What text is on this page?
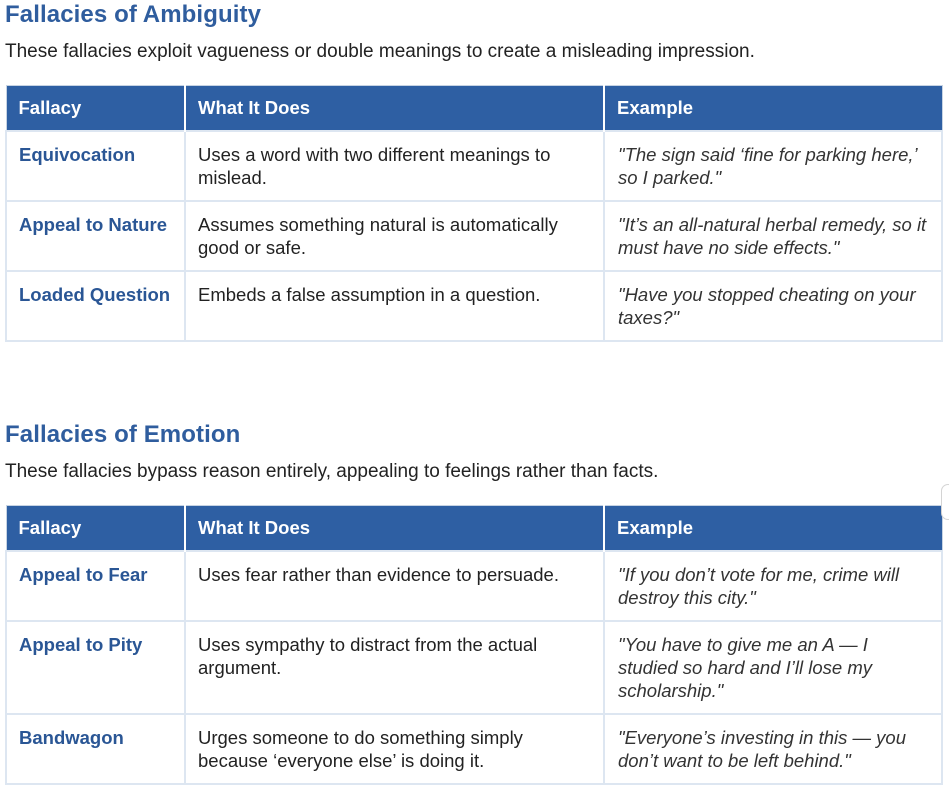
Fallacies of Ambiguity

These fallacies exploit vagueness or double meanings to create a misleading impression.

Fallacy	What It Does	Example
Equivocation	Uses a word with two different meanings to mislead.	"The sign said ‘fine for parking here,’ so I parked."
Appeal to Nature	Assumes something natural is automatically good or safe.	"It’s an all-natural herbal remedy, so it must have no side effects."
Loaded Question	Embeds a false assumption in a question.	"Have you stopped cheating on your taxes?"
Fallacies of Emotion

These fallacies bypass reason entirely, appealing to feelings rather than facts.

Fallacy	What It Does	Example
Appeal to Fear	Uses fear rather than evidence to persuade.	"If you don’t vote for me, crime will destroy this city."
Appeal to Pity	Uses sympathy to distract from the actual argument.	"You have to give me an A — I studied so hard and I’ll lose my scholarship."
Bandwagon	Urges someone to do something simply because ‘everyone else’ is doing it.	"Everyone’s investing in this — you don’t want to be left behind."
